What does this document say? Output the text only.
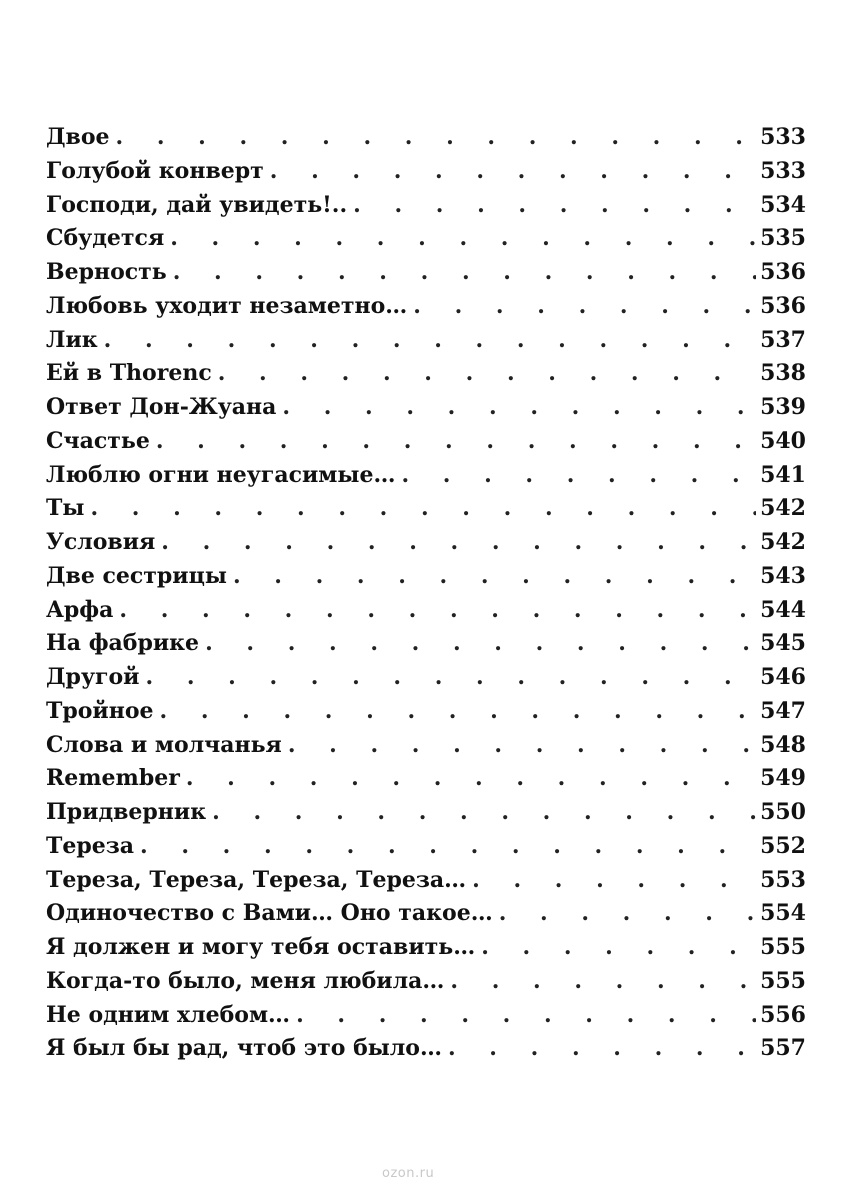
Двое . . .	533
Голубой конверт . . .	533
Господи, дай увидеть!.. . . .	534
Сбудется . . .	535
Верность . . .	536
Любовь уходит незаметно… . . .	536
Лик . . .	537
Ей в Thorenc . . .	538
Ответ Дон-Жуана . . .	539
Счастье . . .	540
Люблю огни неугасимые… . . .	541
Ты . . .	542
Условия . . .	542
Две сестрицы . . .	543
Арфа . . .	544
На фабрике . . .	545
Другой . . .	546
Тройное . . .	547
Слова и молчанья . . .	548
Remember . . .	549
Придверник . . .	550
Тереза . . .	552
Тереза, Тереза, Тереза, Тереза… . . .	553
Одиночество с Вами… Оно такое… . . .	554
Я должен и могу тебя оставить… . . .	555
Когда-то было, меня любила… . . .	555
Не одним хлебом… . . .	556
Я был бы рад, чтоб это было… . . .	557
ozon.ru
